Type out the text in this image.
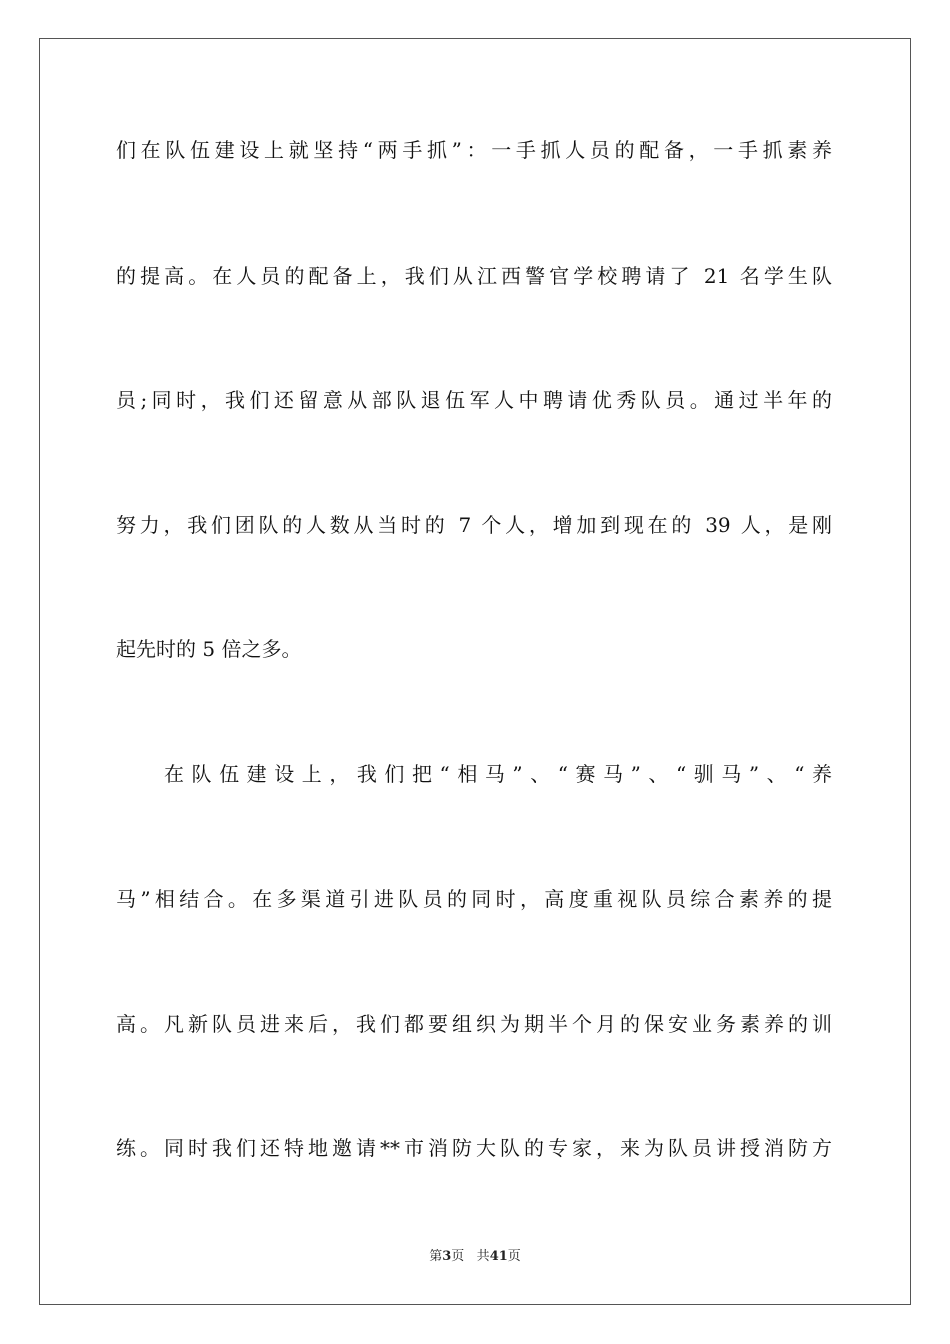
们在队伍建设上就坚持“两手抓”：一手抓人员的配备，一手抓素养
的提高。在人员的配备上，我们从江西警官学校聘请了 21 名学生队
员;同时，我们还留意从部队退伍军人中聘请优秀队员。通过半年的
努力，我们团队的人数从当时的 7 个人，增加到现在的 39 人，是刚
起先时的 5 倍之多。
在队伍建设上，我们把“相马”、“赛马”、“驯马”、“养
马”相结合。在多渠道引进队员的同时，高度重视队员综合素养的提
高。凡新队员进来后，我们都要组织为期半个月的保安业务素养的训
练。同时我们还特地邀请**市消防大队的专家，来为队员讲授消防方
第3页 共41页
